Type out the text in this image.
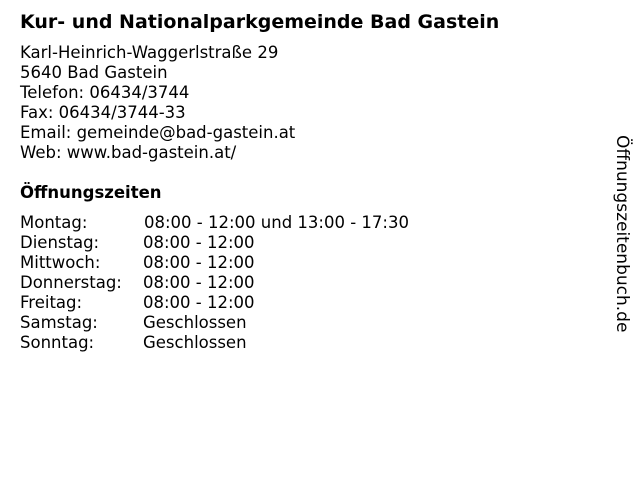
Kur- und Nationalparkgemeinde Bad Gastein
Karl-Heinrich-Waggerlstraße 29
5640 Bad Gastein
Telefon: 06434/3744
Fax: 06434/3744-33
Email: gemeinde@bad-gastein.at
Web: www.bad-gastein.at/
Öffnungszeiten
Montag:	08:00 - 12:00 und 13:00 - 17:30
Dienstag:	08:00 - 12:00
Mittwoch:	08:00 - 12:00
Donnerstag: 08:00 - 12:00
Freitag:	08:00 - 12:00
Samstag:	Geschlossen
Sonntag:	Geschlossen
Öffnungszeitenbuch.de
